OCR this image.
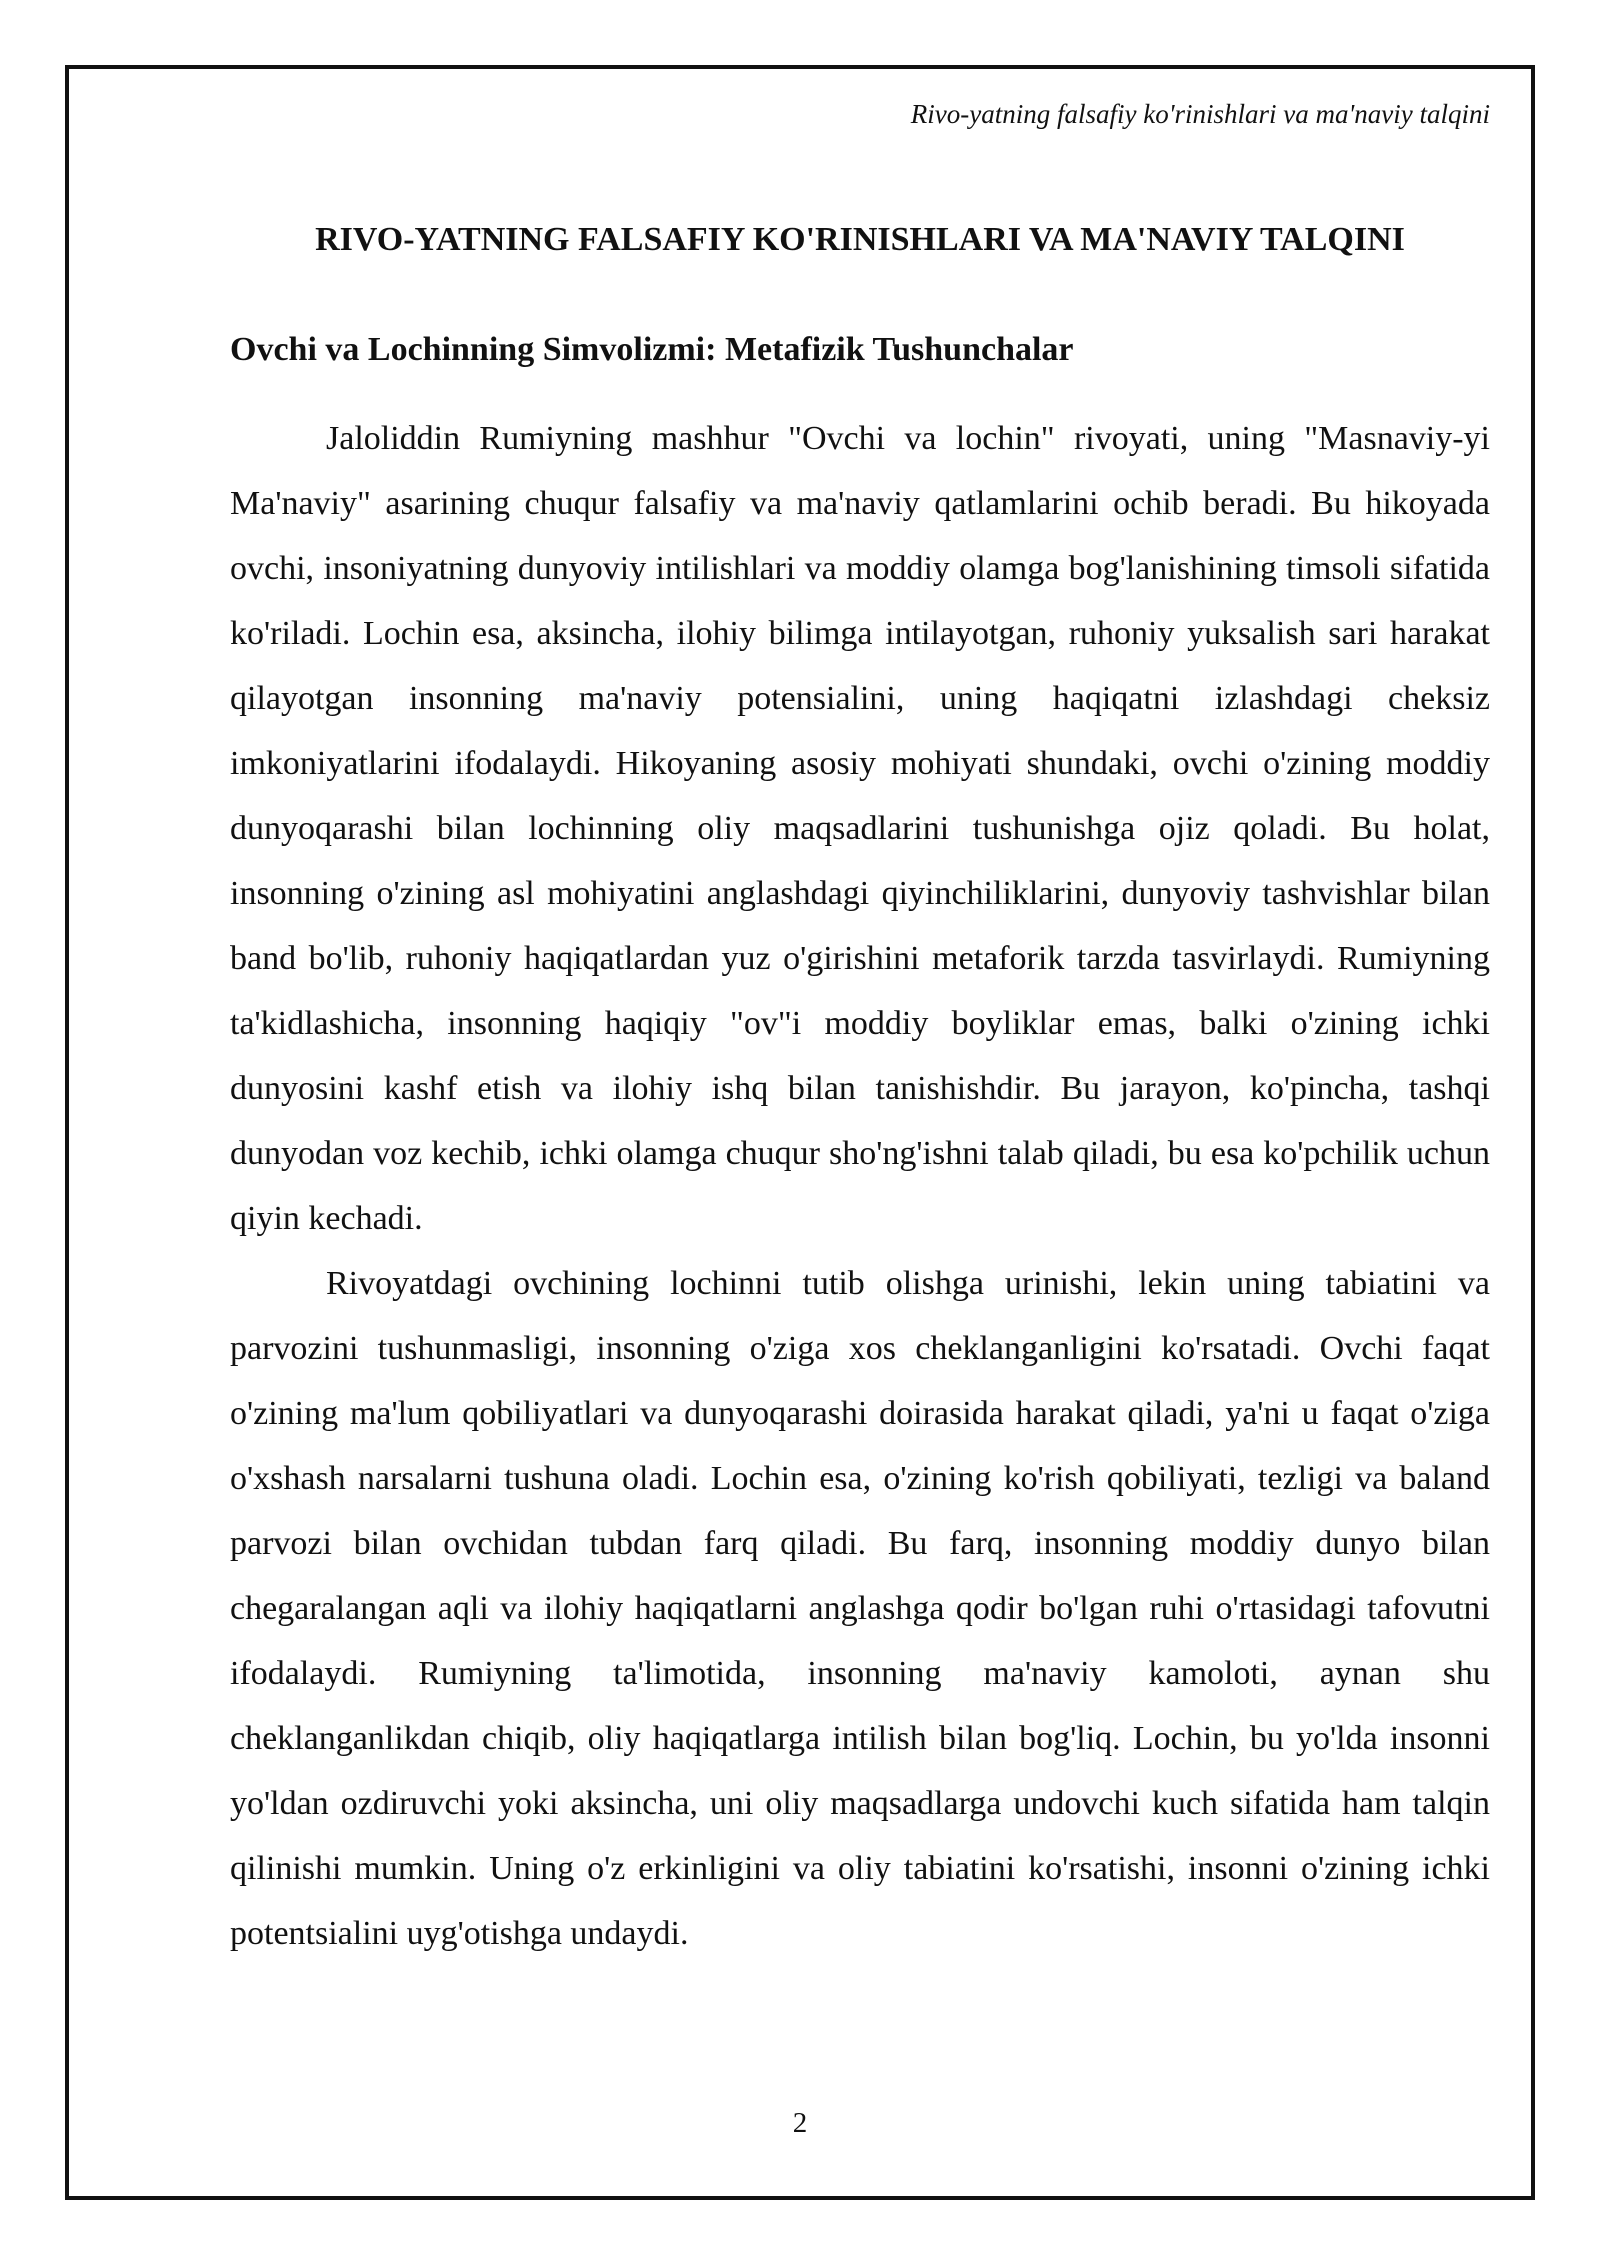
Rivo-yatning falsafiy ko'rinishlari va ma'naviy talqini
RIVO-YATNING FALSAFIY KO'RINISHLARI VA MA'NAVIY TALQINI
Ovchi va Lochinning Simvolizmi: Metafizik Tushunchalar

Jaloliddin Rumiyning mashhur "Ovchi va lochin" rivoyati, uning "Masnaviy-yi Ma'naviy" asarining chuqur falsafiy va ma'naviy qatlamlarini ochib beradi. Bu hikoyada ovchi, insoniyatning dunyoviy intilishlari va moddiy olamga bog'lanishining timsoli sifatida ko'riladi. Lochin esa, aksincha, ilohiy bilimga intilayotgan, ruhoniy yuksalish sari harakat qilayotgan insonning ma'naviy potensialini, uning haqiqatni izlashdagi cheksiz imkoniyatlarini ifodalaydi. Hikoyaning asosiy mohiyati shundaki, ovchi o'zining moddiy dunyoqarashi bilan lochinning oliy maqsadlarini tushunishga ojiz qoladi. Bu holat, insonning o'zining asl mohiyatini anglashdagi qiyinchiliklarini, dunyoviy tashvishlar bilan band bo'lib, ruhoniy haqiqatlardan yuz o'girishini metaforik tarzda tasvirlaydi. Rumiyning ta'kidlashicha, insonning haqiqiy "ov"i moddiy boyliklar emas, balki o'zining ichki dunyosini kashf etish va ilohiy ishq bilan tanishishdir. Bu jarayon, ko'pincha, tashqi dunyodan voz kechib, ichki olamga chuqur sho'ng'ishni talab qiladi, bu esa ko'pchilik uchun qiyin kechadi.

Rivoyatdagi ovchining lochinni tutib olishga urinishi, lekin uning tabiatini va parvozini tushunmasligi, insonning o'ziga xos cheklanganligini ko'rsatadi. Ovchi faqat o'zining ma'lum qobiliyatlari va dunyoqarashi doirasida harakat qiladi, ya'ni u faqat o'ziga o'xshash narsalarni tushuna oladi. Lochin esa, o'zining ko'rish qobiliyati, tezligi va baland parvozi bilan ovchidan tubdan farq qiladi. Bu farq, insonning moddiy dunyo bilan chegaralangan aqli va ilohiy haqiqatlarni anglashga qodir bo'lgan ruhi o'rtasidagi tafovutni ifodalaydi. Rumiyning ta'limotida, insonning ma'naviy kamoloti, aynan shu cheklanganlikdan chiqib, oliy haqiqatlarga intilish bilan bog'liq. Lochin, bu yo'lda insonni yo'ldan ozdiruvchi yoki aksincha, uni oliy maqsadlarga undovchi kuch sifatida ham talqin qilinishi mumkin. Uning o'z erkinligini va oliy tabiatini ko'rsatishi, insonni o'zining ichki potentsialini uyg'otishga undaydi.

2
